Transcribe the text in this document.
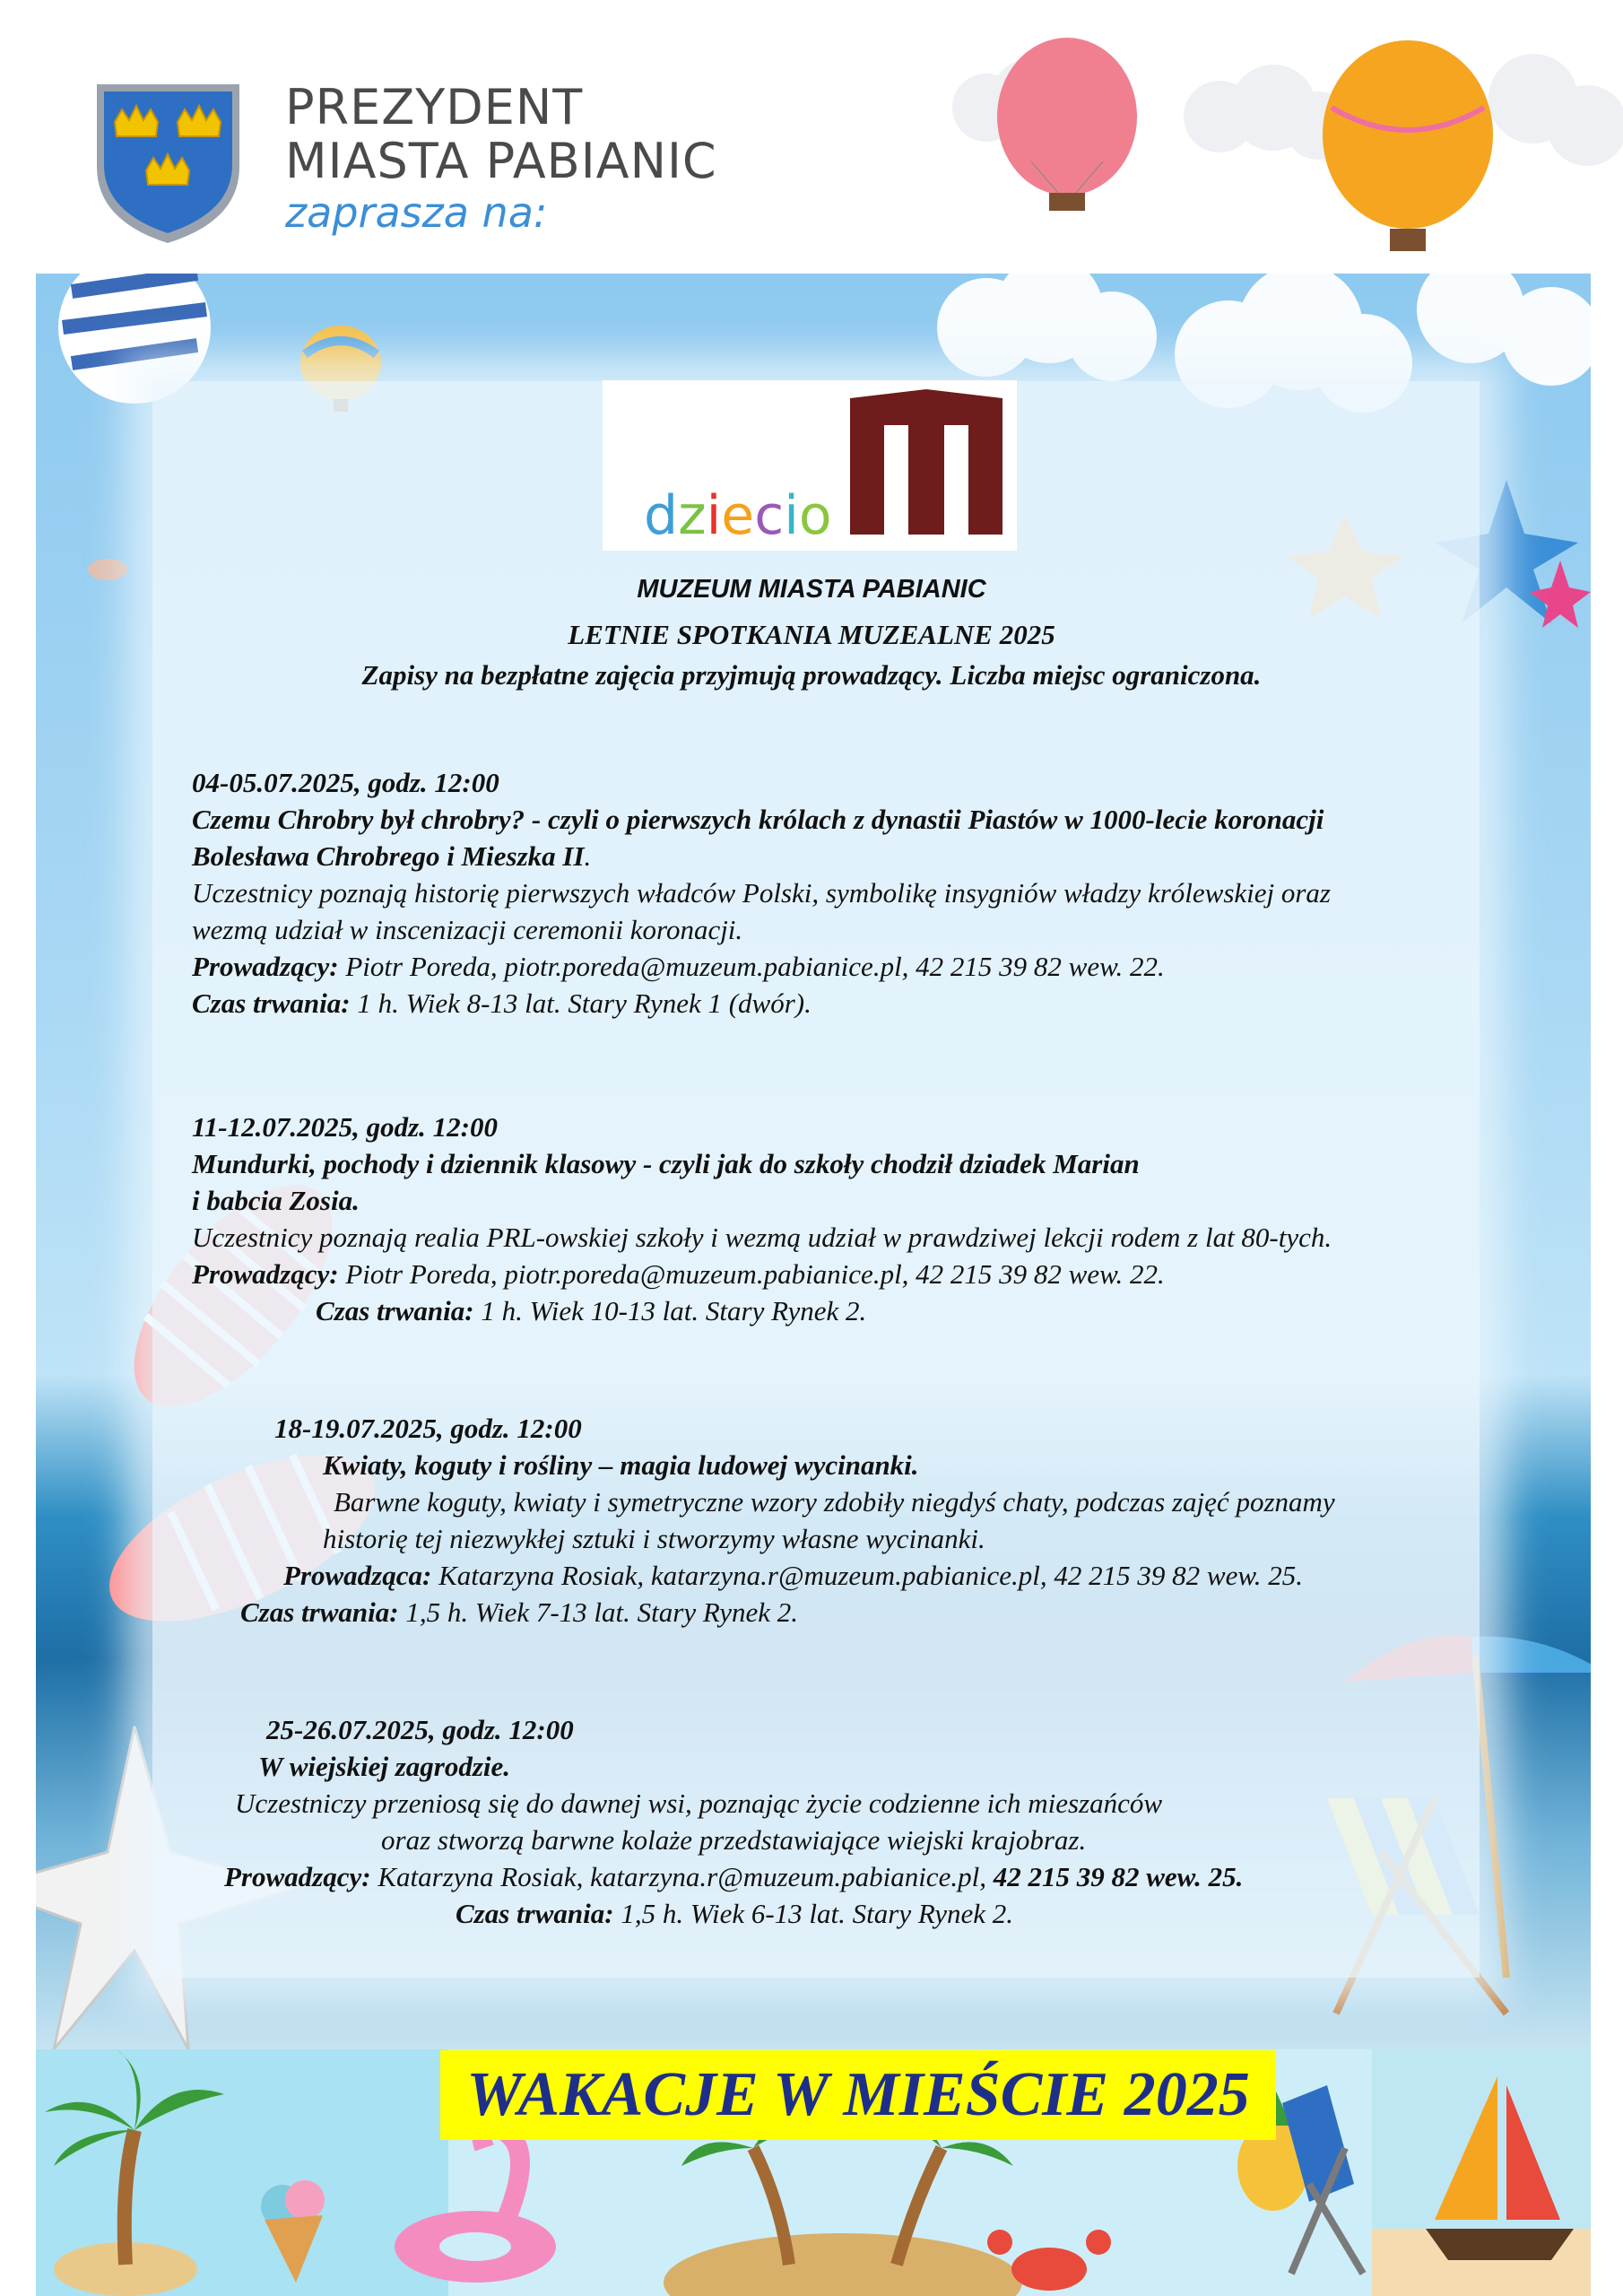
PREZYDENT
MIASTA PABIANIC
zaprasza na:
dziecio
MUZEUM MIASTA PABIANIC
LETNIE SPOTKANIA MUZEALNE 2025
Zapisy na bezpłatne zajęcia przyjmują prowadzący. Liczba miejsc ograniczona.
04-05.07.2025, godz. 12:00
Czemu Chrobry był chrobry? - czyli o pierwszych królach z dynastii Piastów w 1000-lecie koronacji
Bolesława Chrobrego i Mieszka II.
Uczestnicy poznają historię pierwszych władców Polski, symbolikę insygniów władzy królewskiej oraz
wezmą udział w inscenizacji ceremonii koronacji.
Prowadzący: Piotr Poreda, piotr.poreda@muzeum.pabianice.pl, 42 215 39 82 wew. 22.
Czas trwania: 1 h. Wiek 8-13 lat. Stary Rynek 1 (dwór).
11-12.07.2025, godz. 12:00
Mundurki, pochody i dziennik klasowy - czyli jak do szkoły chodził dziadek Marian
i babcia Zosia.
Uczestnicy poznają realia PRL-owskiej szkoły i wezmą udział w prawdziwej lekcji rodem z lat 80-tych.
Prowadzący: Piotr Poreda, piotr.poreda@muzeum.pabianice.pl, 42 215 39 82 wew. 22.
Czas trwania: 1 h. Wiek 10-13 lat. Stary Rynek 2.
18-19.07.2025, godz. 12:00
Kwiaty, koguty i rośliny – magia ludowej wycinanki.
Barwne koguty, kwiaty i symetryczne wzory zdobiły niegdyś chaty, podczas zajęć poznamy
historię tej niezwykłej sztuki i stworzymy własne wycinanki.
Prowadząca: Katarzyna Rosiak, katarzyna.r@muzeum.pabianice.pl, 42 215 39 82 wew. 25.
Czas trwania: 1,5 h. Wiek 7-13 lat. Stary Rynek 2.
25-26.07.2025, godz. 12:00
W wiejskiej zagrodzie.
Uczestniczy przeniosą się do dawnej wsi, poznając życie codzienne ich mieszańców
oraz stworzą barwne kolaże przedstawiające wiejski krajobraz.
Prowadzący: Katarzyna Rosiak, katarzyna.r@muzeum.pabianice.pl, 42 215 39 82 wew. 25.
Czas trwania: 1,5 h. Wiek 6-13 lat. Stary Rynek 2.
WAKACJE W MIEŚCIE 2025
